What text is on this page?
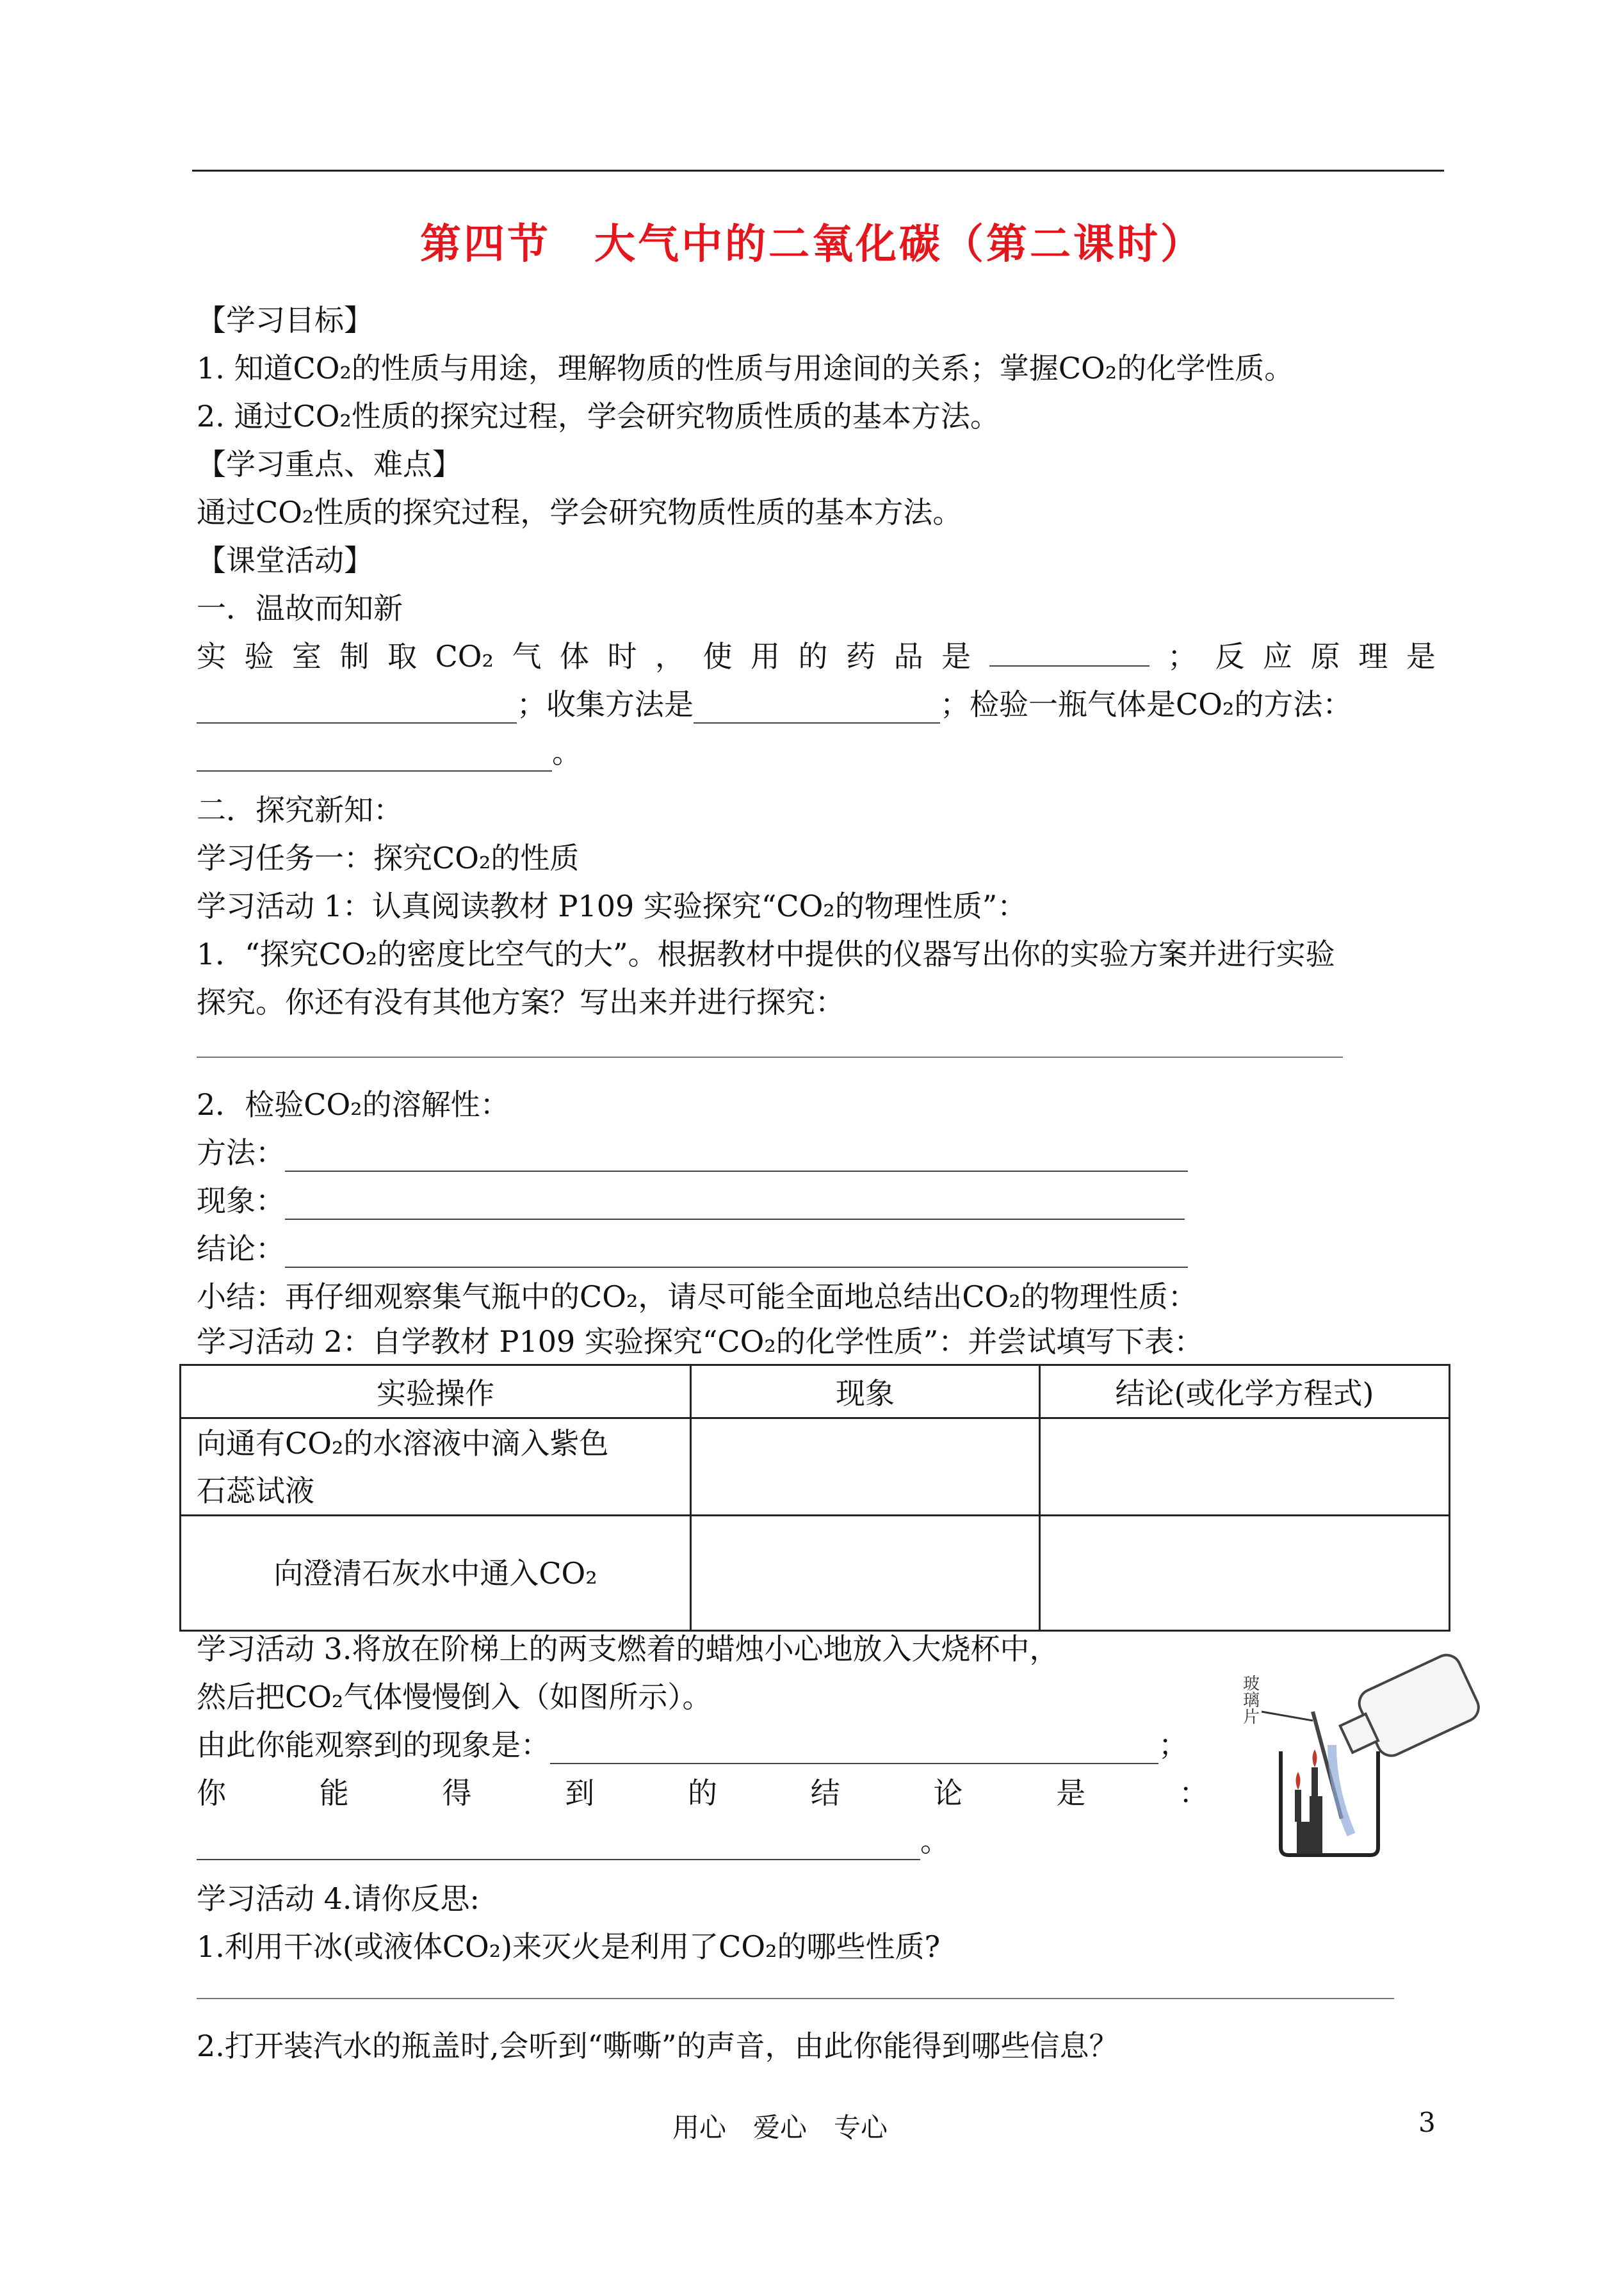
第四节　大气中的二氧化碳（第二课时）
【学习目标】
1. 知道CO₂的性质与用途，理解物质的性质与用途间的关系；掌握CO₂的化学性质。
2. 通过CO₂性质的探究过程，学会研究物质性质的基本方法。
【学习重点、难点】
通过CO₂性质的探究过程，学会研究物质性质的基本方法。
【课堂活动】
一．温故而知新
实 验 室 制 取 CO₂ 气 体 时 ， 使 用 的 药 品 是	； 反 应 原 理 是
；收集方法是	；检验一瓶气体是CO₂的方法：
。
二．探究新知：
学习任务一：探究CO₂的性质
学习活动 1：认真阅读教材 P109 实验探究“CO₂的物理性质”：
1．“探究CO₂的密度比空气的大”。根据教材中提供的仪器写出你的实验方案并进行实验
探究。你还有没有其他方案？写出来并进行探究：
2．检验CO₂的溶解性：
方法：
现象：
结论：
小结：再仔细观察集气瓶中的CO₂，请尽可能全面地总结出CO₂的物理性质：
学习活动 2：自学教材 P109 实验探究“CO₂的化学性质”：并尝试填写下表：
实验操作	现象	结论(或化学方程式)

向通有CO₂的水溶液中滴入紫色
石蕊试液		

向澄清石灰水中通入CO₂		
学习活动 3.将放在阶梯上的两支燃着的蜡烛小心地放入大烧杯中，
然后把CO₂气体慢慢倒入（如图所示）。
由此你能观察到的现象是：	；
你	能	得	到	的	结	论	是	：
。
玻璃片
学习活动 4.请你反思:
1.利用干冰(或液体CO₂)来灭火是利用了CO₂的哪些性质?
2.打开装汽水的瓶盖时,会听到“嘶嘶”的声音，由此你能得到哪些信息？
用心　爱心　专心	3
